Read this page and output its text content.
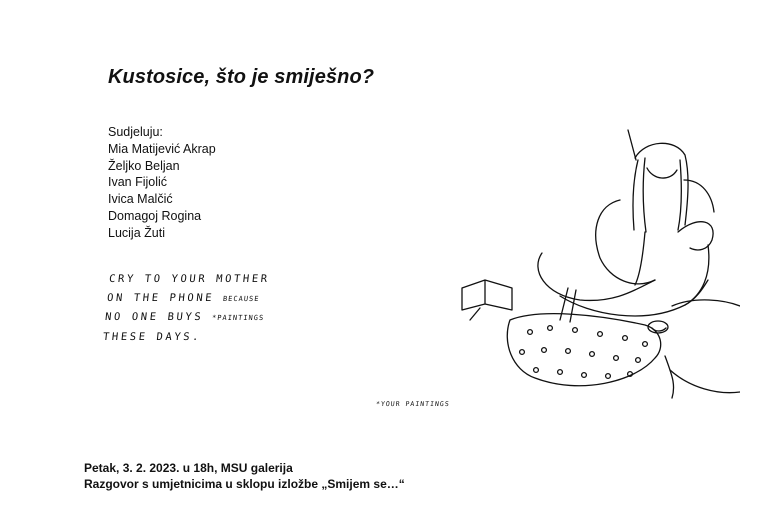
Kustosice, što je smiješno?
Sudjeluju:
Mia Matijević Akrap
Željko Beljan
Ivan Fijolić
Ivica Malčić
Domagoj Rogina
Lucija Žuti
CRY TO YOUR MOTHER
ON THE PHONE BECAUSE
NO ONE BUYS *PAINTINGS
THESE DAYS.
*YOUR PAINTINGS
Petak, 3. 2. 2023. u 18h, MSU galerija
Razgovor s umjetnicima u sklopu izložbe „Smijem se…“
